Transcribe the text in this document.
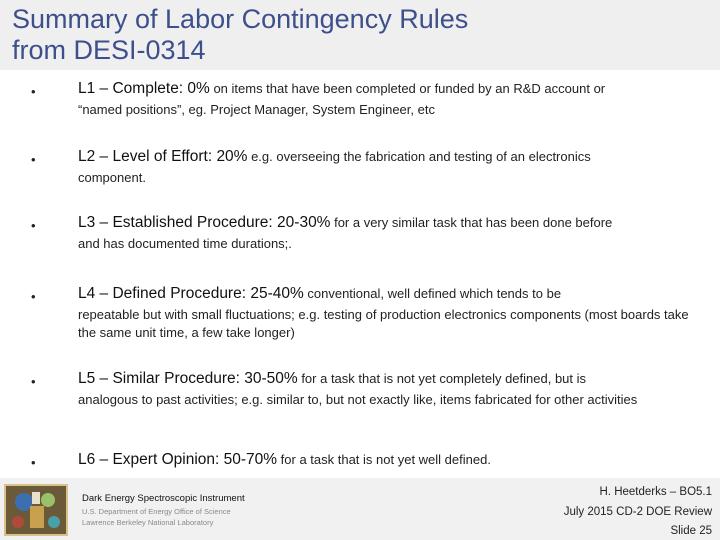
Summary of Labor Contingency Rules
from DESI-0314
•	L1 – Complete: 0% on items that have been completed or funded by an R&D account or
“named positions”, eg. Project Manager, System Engineer, etc
•	L2 – Level of Effort: 20% e.g. overseeing the fabrication and testing of an electronics
component.
•	L3 – Established Procedure: 20-30% for a very similar task that has been done before
and has documented time durations;.
•	L4 – Defined Procedure: 25-40% conventional, well defined which tends to be
repeatable but with small fluctuations; e.g. testing of production electronics components (most boards take the same unit time, a few take longer)
•	L5 – Similar Procedure: 30-50% for a task that is not yet completely defined, but is
analogous to past activities; e.g. similar to, but not exactly like, items fabricated for other activities
•	L6 – Expert Opinion: 50-70% for a task that is not yet well defined.
Dark Energy Spectroscopic Instrument
U.S. Department of Energy Office of Science
Lawrence Berkeley National Laboratory
H. Heetderks – BO5.1
July 2015 CD-2 DOE Review
Slide 25
